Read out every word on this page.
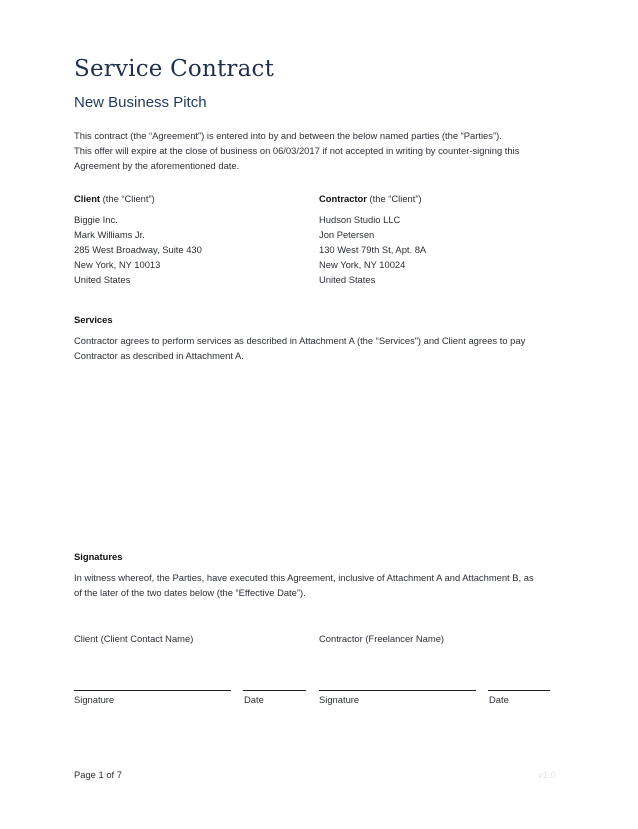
Service Contract
New Business Pitch

This contract (the “Agreement”) is entered into by and between the below named parties (the “Parties”).

This offer will expire at the close of business on 06/03/2017 if not accepted in writing by counter-signing this

Agreement by the aforementioned date.

Client (the “Client”)
Biggie Inc.
Mark Williams Jr.
285 West Broadway, Suite 430
New York, NY 10013
United States
Contractor (the “Client”)
Hudson Studio LLC
Jon Petersen
130 West 79th St, Apt. 8A
New York, NY 10024
United States
Services
Contractor agrees to perform services as described in Attachment A (the “Services”) and Client agrees to pay
Contractor as described in Attachment A.
Signatures
In witness whereof, the Parties, have executed this Agreement, inclusive of Attachment A and Attachment B, as
of the later of the two dates below (the “Effective Date”).
Client (Client Contact Name)	Contractor (Freelancer Name)
Signature	Date	Signature	Date
Page 1 of 7	v1.0
